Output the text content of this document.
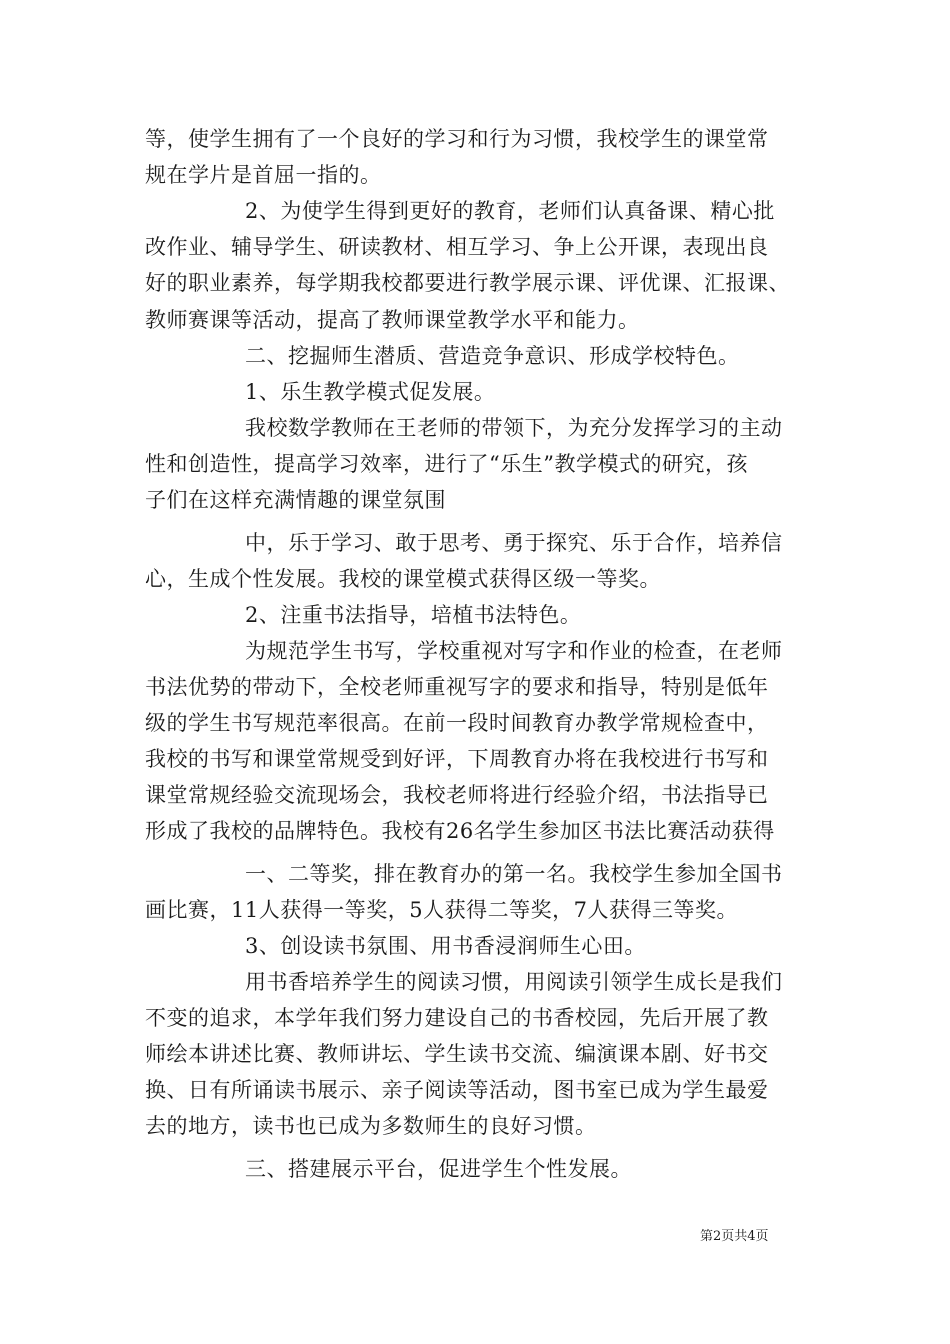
等，使学生拥有了一个良好的学习和行为习惯，我校学生的课堂常
规在学片是首屈一指的。
2、为使学生得到更好的教育，老师们认真备课、精心批
改作业、辅导学生、研读教材、相互学习、争上公开课，表现出良
好的职业素养，每学期我校都要进行教学展示课、评优课、汇报课、
教师赛课等活动，提高了教师课堂教学水平和能力。
二、挖掘师生潜质、营造竞争意识、形成学校特色。
1、乐生教学模式促发展。
我校数学教师在王老师的带领下，为充分发挥学习的主动
性和创造性，提高学习效率，进行了“乐生”教学模式的研究，孩
子们在这样充满情趣的课堂氛围
中，乐于学习、敢于思考、勇于探究、乐于合作，培养信
心，生成个性发展。我校的课堂模式获得区级一等奖。
2、注重书法指导，培植书法特色。
为规范学生书写，学校重视对写字和作业的检查，在老师
书法优势的带动下，全校老师重视写字的要求和指导，特别是低年
级的学生书写规范率很高。在前一段时间教育办教学常规检查中，
我校的书写和课堂常规受到好评，下周教育办将在我校进行书写和
课堂常规经验交流现场会，我校老师将进行经验介绍，书法指导已
形成了我校的品牌特色。我校有26名学生参加区书法比赛活动获得
一、二等奖，排在教育办的第一名。我校学生参加全国书
画比赛，11人获得一等奖，5人获得二等奖，7人获得三等奖。
3、创设读书氛围、用书香浸润师生心田。
用书香培养学生的阅读习惯，用阅读引领学生成长是我们
不变的追求，本学年我们努力建设自己的书香校园，先后开展了教
师绘本讲述比赛、教师讲坛、学生读书交流、编演课本剧、好书交
换、日有所诵读书展示、亲子阅读等活动，图书室已成为学生最爱
去的地方，读书也已成为多数师生的良好习惯。
三、搭建展示平台，促进学生个性发展。
第2页共4页
